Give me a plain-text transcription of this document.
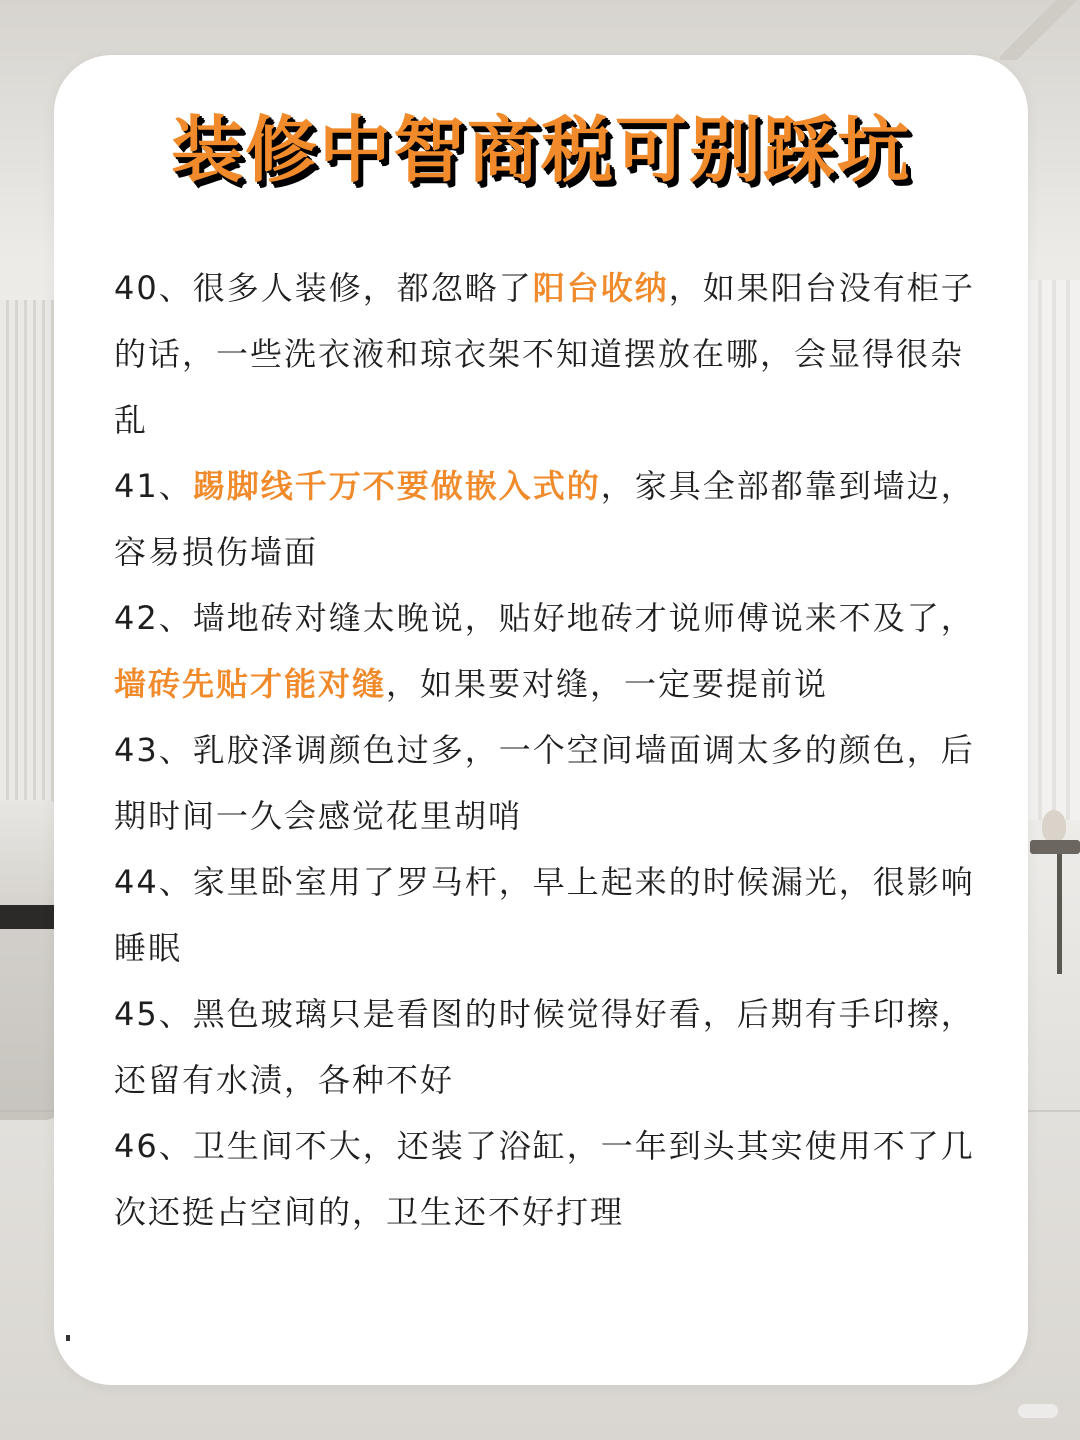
装修中智商税可别踩坑
40、很多人装修，都忽略了阳台收纳，如果阳台没有柜子的话，一些洗衣液和琼衣架不知道摆放在哪，会显得很杂乱
41、踢脚线千万不要做嵌入式的，家具全部都靠到墙边，容易损伤墙面
42、墙地砖对缝太晚说，贴好地砖才说师傅说来不及了，墙砖先贴才能对缝，如果要对缝，一定要提前说
43、乳胶泽调颜色过多，一个空间墙面调太多的颜色，后期时间一久会感觉花里胡哨
44、家里卧室用了罗马杆，早上起来的时候漏光，很影响睡眠
45、黑色玻璃只是看图的时候觉得好看，后期有手印擦，还留有水渍，各种不好
46、卫生间不大，还装了浴缸，一年到头其实使用不了几次还挺占空间的，卫生还不好打理
